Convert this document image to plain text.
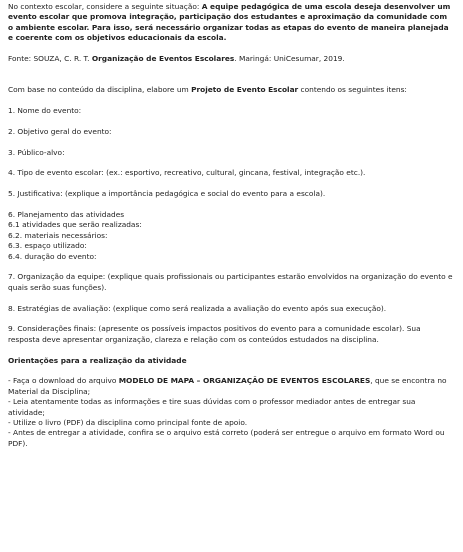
No contexto escolar, considere a seguinte situação: A equipe pedagógica de uma escola deseja desenvolver um evento escolar que promova integração, participação dos estudantes e aproximação da comunidade com o ambiente escolar. Para isso, será necessário organizar todas as etapas do evento de maneira planejada e coerente com os objetivos educacionais da escola.

Fonte: SOUZA, C. R. T. Organização de Eventos Escolares. Maringá: UniCesumar, 2019.

Com base no conteúdo da disciplina, elabore um Projeto de Evento Escolar contendo os seguintes itens:

1. Nome do evento:

2. Objetivo geral do evento:

3. Público-alvo:

4. Tipo de evento escolar: (ex.: esportivo, recreativo, cultural, gincana, festival, integração etc.).

5. Justificativa: (explique a importância pedagógica e social do evento para a escola).

6. Planejamento das atividades

6.1 atividades que serão realizadas:

6.2. materiais necessários:

6.3. espaço utilizado:

6.4. duração do evento:

7. Organização da equipe: (explique quais profissionais ou participantes estarão envolvidos na organização do evento e quais serão suas funções).

8. Estratégias de avaliação: (explique como será realizada a avaliação do evento após sua execução).

9. Considerações finais: (apresente os possíveis impactos positivos do evento para a comunidade escolar). Sua resposta deve apresentar organização, clareza e relação com os conteúdos estudados na disciplina.

Orientações para a realização da atividade

- Faça o download do arquivo MODELO DE MAPA – ORGANIZAÇÃO DE EVENTOS ESCOLARES, que se encontra no Material da Disciplina;

- Leia atentamente todas as informações e tire suas dúvidas com o professor mediador antes de entregar sua atividade;

- Utilize o livro (PDF) da disciplina como principal fonte de apoio.

- Antes de entregar a atividade, confira se o arquivo está correto (poderá ser entregue o arquivo em formato Word ou PDF).
